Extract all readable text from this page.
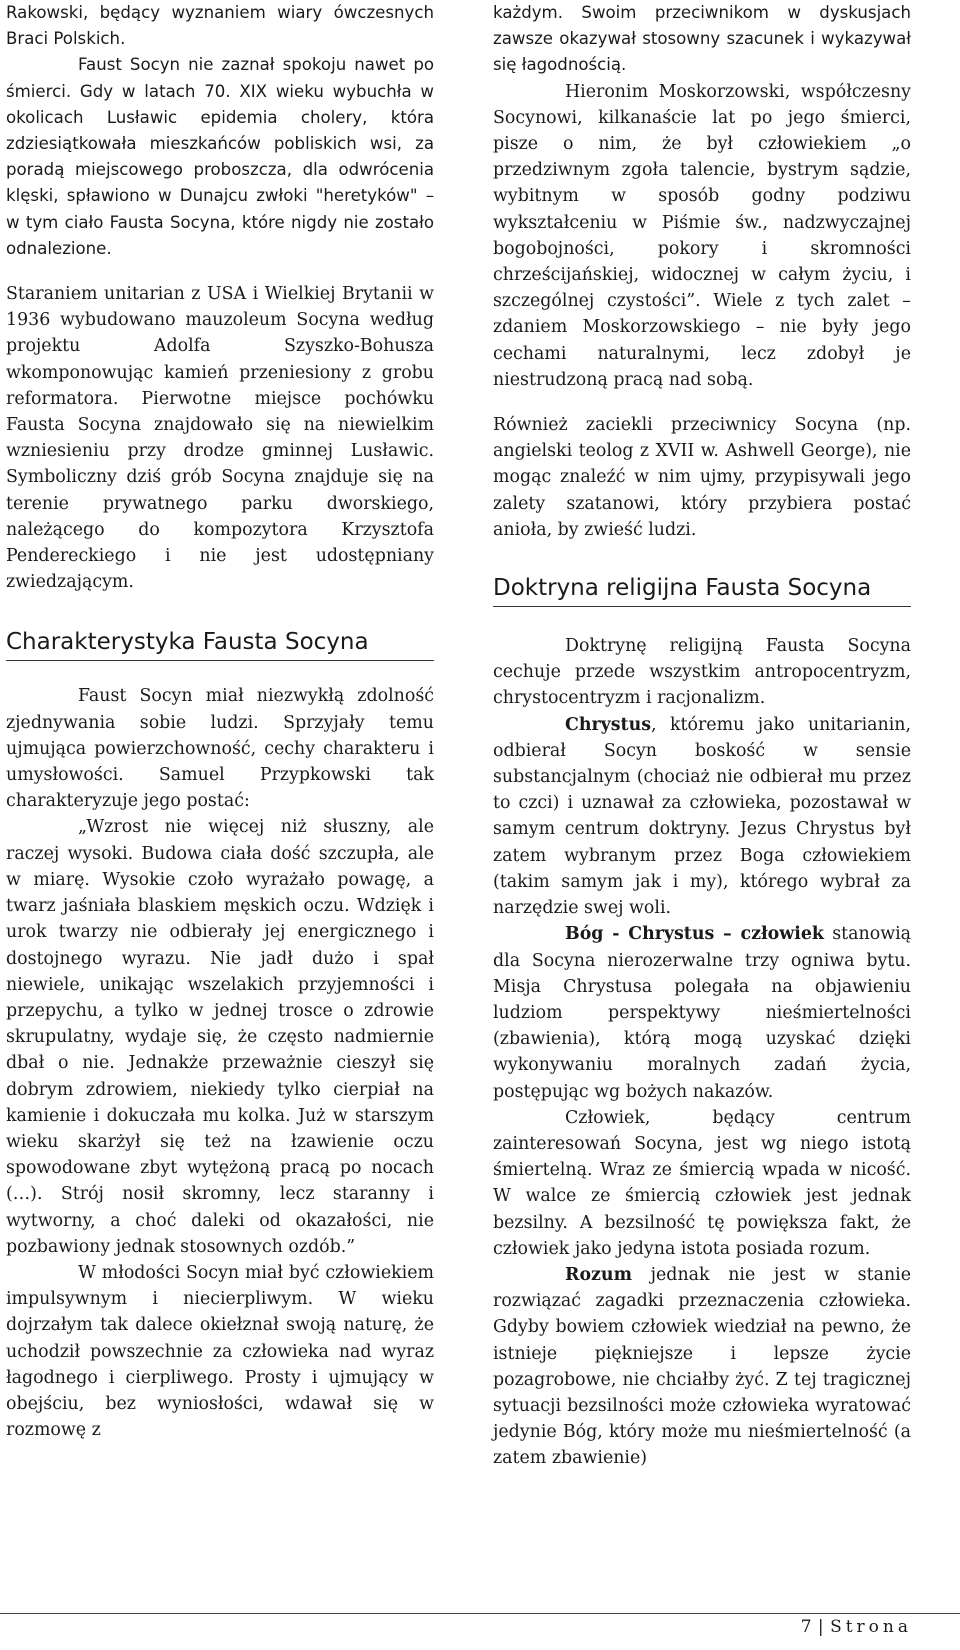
Rakowski, będący wyznaniem wiary ówczesnych Braci Polskich.

Faust Socyn nie zaznał spokoju nawet po śmierci. Gdy w latach 70. XIX wieku wybuchła w okolicach Lusławic epidemia cholery, która zdziesiątkowała mieszkańców pobliskich wsi, za poradą miejscowego proboszcza, dla odwrócenia klęski, spławiono w Dunajcu zwłoki "heretyków" – w tym ciało Fausta Socyna, które nigdy nie zostało odnalezione.

Staraniem unitarian z USA i Wielkiej Brytanii w 1936 wybudowano mauzoleum Socyna według projektu Adolfa Szyszko-Bohusza wkomponowując kamień przeniesiony z grobu reformatora. Pierwotne miejsce pochówku Fausta Socyna znajdowało się na niewielkim wzniesieniu przy drodze gminnej Lusławic. Symboliczny dziś grób Socyna znajduje się na terenie prywatnego parku dworskiego, należącego do kompozytora Krzysztofa Pendereckiego i nie jest udostępniany zwiedzającym.

Charakterystyka Fausta Socyna

Faust Socyn miał niezwykłą zdolność zjednywania sobie ludzi. Sprzyjały temu ujmująca powierzchowność, cechy charakteru i umysłowości. Samuel Przypkowski tak charakteryzuje jego postać:

„Wzrost nie więcej niż słuszny, ale raczej wysoki. Budowa ciała dość szczupła, ale w miarę. Wysokie czoło wyrażało powagę, a twarz jaśniała blaskiem męskich oczu. Wdzięk i urok twarzy nie odbierały jej energicznego i dostojnego wyrazu. Nie jadł dużo i spał niewiele, unikając wszelakich przyjemności i przepychu, a tylko w jednej trosce o zdrowie skrupulatny, wydaje się, że często nadmiernie dbał o nie. Jednakże przeważnie cieszył się dobrym zdrowiem, niekiedy tylko cierpiał na kamienie i dokuczała mu kolka. Już w starszym wieku skarżył się też na łzawienie oczu spowodowane zbyt wytężoną pracą po nocach (…). Strój nosił skromny, lecz staranny i wytworny, a choć daleki od okazałości, nie pozbawiony jednak stosownych ozdób.”

W młodości Socyn miał być człowiekiem impulsywnym i niecierpliwym. W wieku dojrzałym tak dalece okiełznał swoją naturę, że uchodził powszechnie za człowieka nad wyraz łagodnego i cierpliwego. Prosty i ujmujący w obejściu, bez wyniosłości, wdawał się w rozmowę z

każdym. Swoim przeciwnikom w dyskusjach zawsze okazywał stosowny szacunek i wykazywał się łagodnością.

Hieronim Moskorzowski, współczesny Socynowi, kilkanaście lat po jego śmierci, pisze o nim, że był człowiekiem „o przedziwnym zgoła talencie, bystrym sądzie, wybitnym w sposób godny podziwu wykształceniu w Piśmie św., nadzwyczajnej bogobojności, pokory i skromności chrześcijańskiej, widocznej w całym życiu, i szczególnej czystości”. Wiele z tych zalet – zdaniem Moskorzowskiego – nie były jego cechami naturalnymi, lecz zdobył je niestrudzoną pracą nad sobą.

Również zaciekli przeciwnicy Socyna (np. angielski teolog z XVII w. Ashwell George), nie mogąc znaleźć w nim ujmy, przypisywali jego zalety szatanowi, który przybiera postać anioła, by zwieść ludzi.

Doktryna religijna Fausta Socyna

Doktrynę religijną Fausta Socyna cechuje przede wszystkim antropocentryzm, chrystocentryzm i racjonalizm.

Chrystus, któremu jako unitarianin, odbierał Socyn boskość w sensie substancjalnym (chociaż nie odbierał mu przez to czci) i uznawał za człowieka, pozostawał w samym centrum doktryny. Jezus Chrystus był zatem wybranym przez Boga człowiekiem (takim samym jak i my), którego wybrał za narzędzie swej woli.

Bóg - Chrystus – człowiek stanowią dla Socyna nierozerwalne trzy ogniwa bytu. Misja Chrystusa polegała na objawieniu ludziom perspektywy nieśmiertelności (zbawienia), którą mogą uzyskać dzięki wykonywaniu moralnych zadań życia, postępując wg bożych nakazów.

Człowiek, będący centrum zainteresowań Socyna, jest wg niego istotą śmiertelną. Wraz ze śmiercią wpada w nicość. W walce ze śmiercią człowiek jest jednak bezsilny. A bezsilność tę powiększa fakt, że człowiek jako jedyna istota posiada rozum.

Rozum jednak nie jest w stanie rozwiązać zagadki przeznaczenia człowieka. Gdyby bowiem człowiek wiedział na pewno, że istnieje piękniejsze i lepsze życie pozagrobowe, nie chciałby żyć. Z tej tragicznej sytuacji bezsilności może człowieka wyratować jedynie Bóg, który może mu nieśmiertelność (a zatem zbawienie)

7 | Strona
